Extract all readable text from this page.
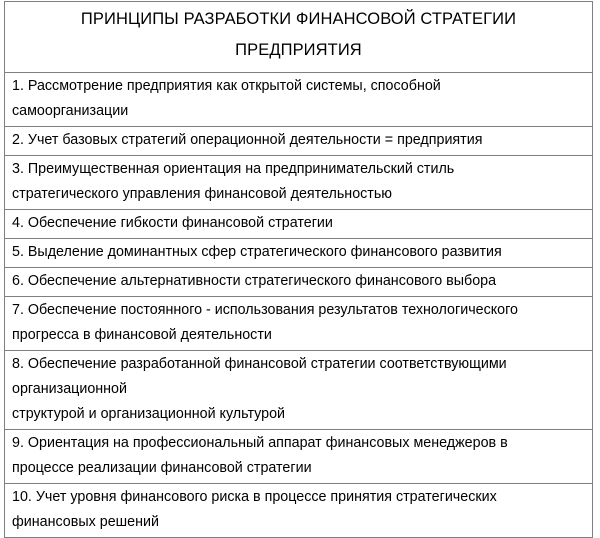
ПРИНЦИПЫ РАЗРАБОТКИ ФИНАНСОВОЙ СТРАТЕГИИ
ПРЕДПРИЯТИЯ
1. Рассмотрение предприятия как открытой системы, способной
самоорганизации
2. Учет базовых стратегий операционной деятельности = предприятия
3. Преимущественная ориентация на предпринимательский стиль
стратегического управления финансовой деятельностью
4. Обеспечение гибкости финансовой стратегии
5. Выделение доминантных сфер стратегического финансового развития
6. Обеспечение альтернативности стратегического финансового выбора
7. Обеспечение постоянного - использования результатов технологического
прогресса в финансовой деятельности
8. Обеспечение разработанной финансовой стратегии соответствующими
организационной
структурой и организационной культурой
9. Ориентация на профессиональный аппарат финансовых менеджеров в
процессе реализации финансовой стратегии
10. Учет уровня финансового риска в процессе принятия стратегических
финансовых решений
